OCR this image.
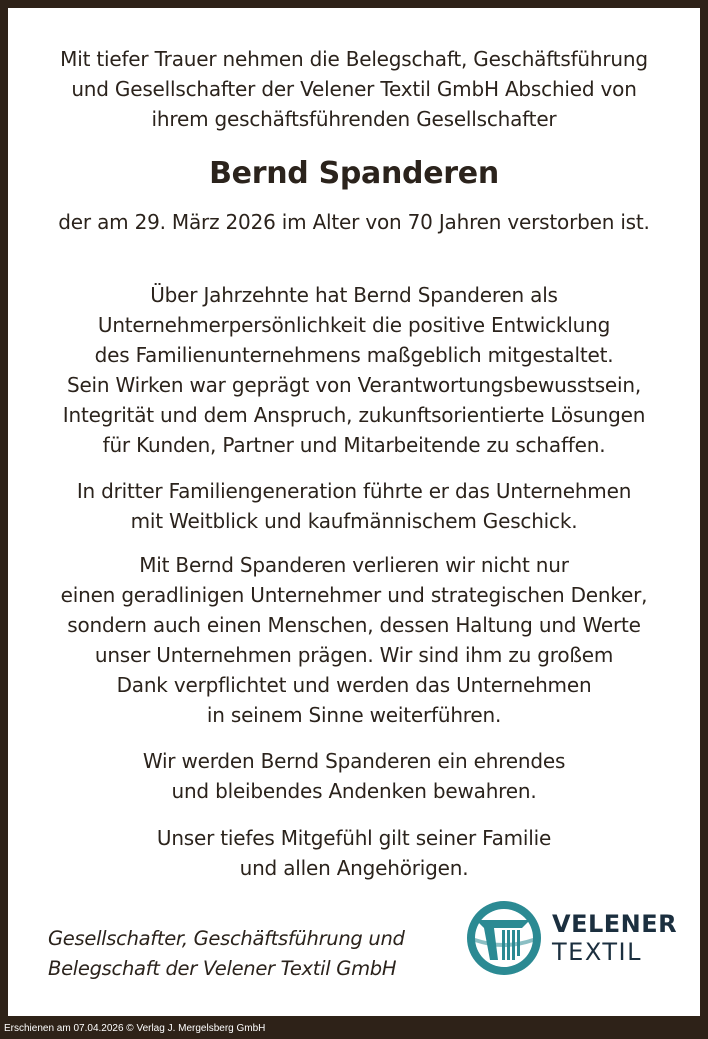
Mit tiefer Trauer nehmen die Belegschaft, Geschäftsführung
und Gesellschafter der Velener Textil GmbH Abschied von
ihrem geschäftsführenden Gesellschafter
Bernd Spanderen
der am 29. März 2026 im Alter von 70 Jahren verstorben ist.
Über Jahrzehnte hat Bernd Spanderen als
Unternehmerpersönlichkeit die positive Entwicklung
des Familienunternehmens maßgeblich mitgestaltet.
Sein Wirken war geprägt von Verantwortungsbewusstsein,
Integrität und dem Anspruch, zukunftsorientierte Lösungen
für Kunden, Partner und Mitarbeitende zu schaffen.
In dritter Familiengeneration führte er das Unternehmen
mit Weitblick und kaufmännischem Geschick.
Mit Bernd Spanderen verlieren wir nicht nur
einen geradlinigen Unternehmer und strategischen Denker,
sondern auch einen Menschen, dessen Haltung und Werte
unser Unternehmen prägen. Wir sind ihm zu großem
Dank verpflichtet und werden das Unternehmen
in seinem Sinne weiterführen.
Wir werden Bernd Spanderen ein ehrendes
und bleibendes Andenken bewahren.
Unser tiefes Mitgefühl gilt seiner Familie
und allen Angehörigen.
Gesellschafter, Geschäftsführung und
Belegschaft der Velener Textil GmbH
VELENER
TEXTIL
Erschienen am 07.04.2026 © Verlag J. Mergelsberg GmbH
